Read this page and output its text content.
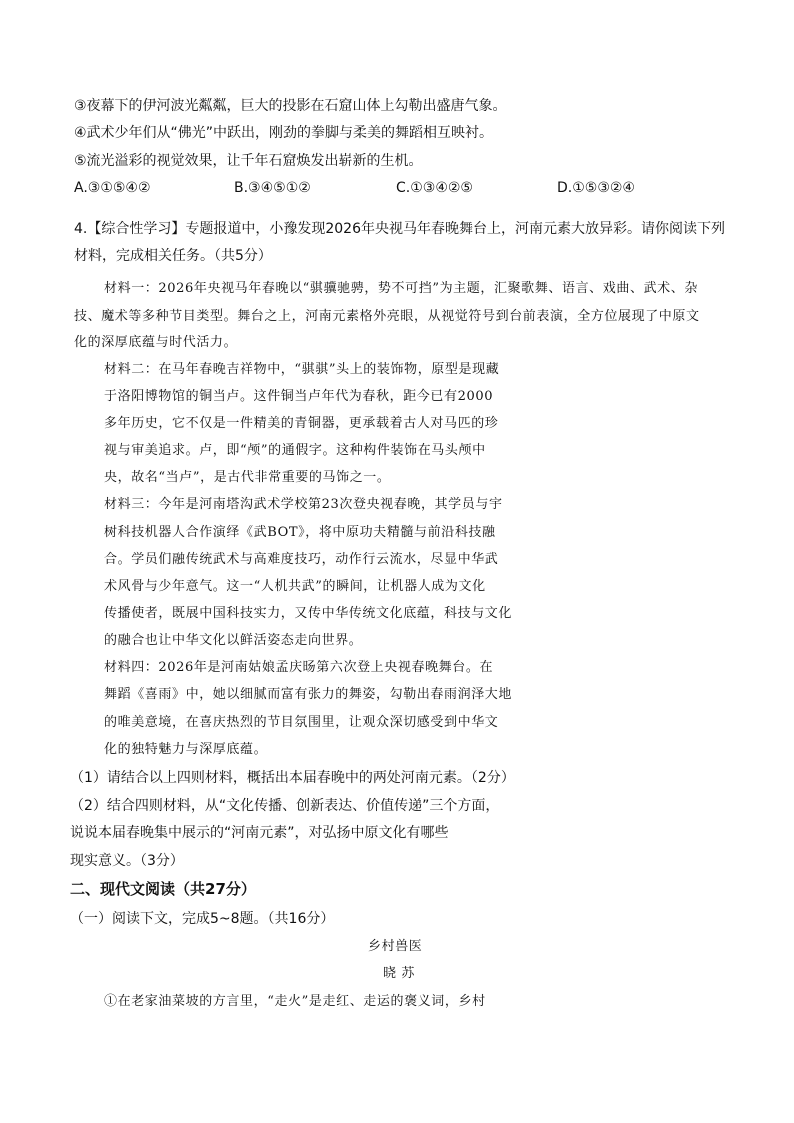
③夜幕下的伊河波光粼粼，巨大的投影在石窟山体上勾勒出盛唐气象。
④武术少年们从“佛光”中跃出，刚劲的拳脚与柔美的舞蹈相互映衬。
⑤流光溢彩的视觉效果，让千年石窟焕发出崭新的生机。
A.③①⑤④②	B.③④⑤①②	C.①③④②⑤	D.①⑤③②④
4.【综合性学习】专题报道中，小豫发现2026年央视马年春晚舞台上，河南元素大放异彩。请你阅读下列
材料，完成相关任务。（共5分）
材料一：2026年央视马年春晚以“骐骥驰骋，势不可挡”为主题，汇聚歌舞、语言、戏曲、武术、杂
技、魔术等多种节目类型。舞台之上，河南元素格外亮眼，从视觉符号到台前表演，全方位展现了中原文
化的深厚底蕴与时代活力。
材料二：在马年春晚吉祥物中，“骐骐”头上的装饰物，原型是现藏
于洛阳博物馆的铜当卢。这件铜当卢年代为春秋，距今已有2000
多年历史，它不仅是一件精美的青铜器，更承载着古人对马匹的珍
视与审美追求。卢，即“颅”的通假字。这种构件装饰在马头颅中
央，故名“当卢”，是古代非常重要的马饰之一。
材料三：今年是河南塔沟武术学校第23次登央视春晚，其学员与宇
树科技机器人合作演绎《武BOT》，将中原功夫精髓与前沿科技融
合。学员们融传统武术与高难度技巧，动作行云流水，尽显中华武
术风骨与少年意气。这一“人机共武”的瞬间，让机器人成为文化
传播使者，既展中国科技实力，又传中华传统文化底蕴，科技与文化
的融合也让中华文化以鲜活姿态走向世界。
材料四：2026年是河南姑娘孟庆旸第六次登上央视春晚舞台。在
舞蹈《喜雨》中，她以细腻而富有张力的舞姿，勾勒出春雨润泽大地
的唯美意境，在喜庆热烈的节目氛围里，让观众深切感受到中华文
化的独特魅力与深厚底蕴。
（1）请结合以上四则材料，概括出本届春晚中的两处河南元素。（2分）
（2）结合四则材料，从“文化传播、创新表达、价值传递”三个方面，
说说本届春晚集中展示的“河南元素”，对弘扬中原文化有哪些
现实意义。（3分）
二、现代文阅读（共27分）
（一）阅读下文，完成5~8题。（共16分）
乡村兽医
晓 苏
①在老家油菜坡的方言里，“走火”是走红、走运的褒义词，乡村
